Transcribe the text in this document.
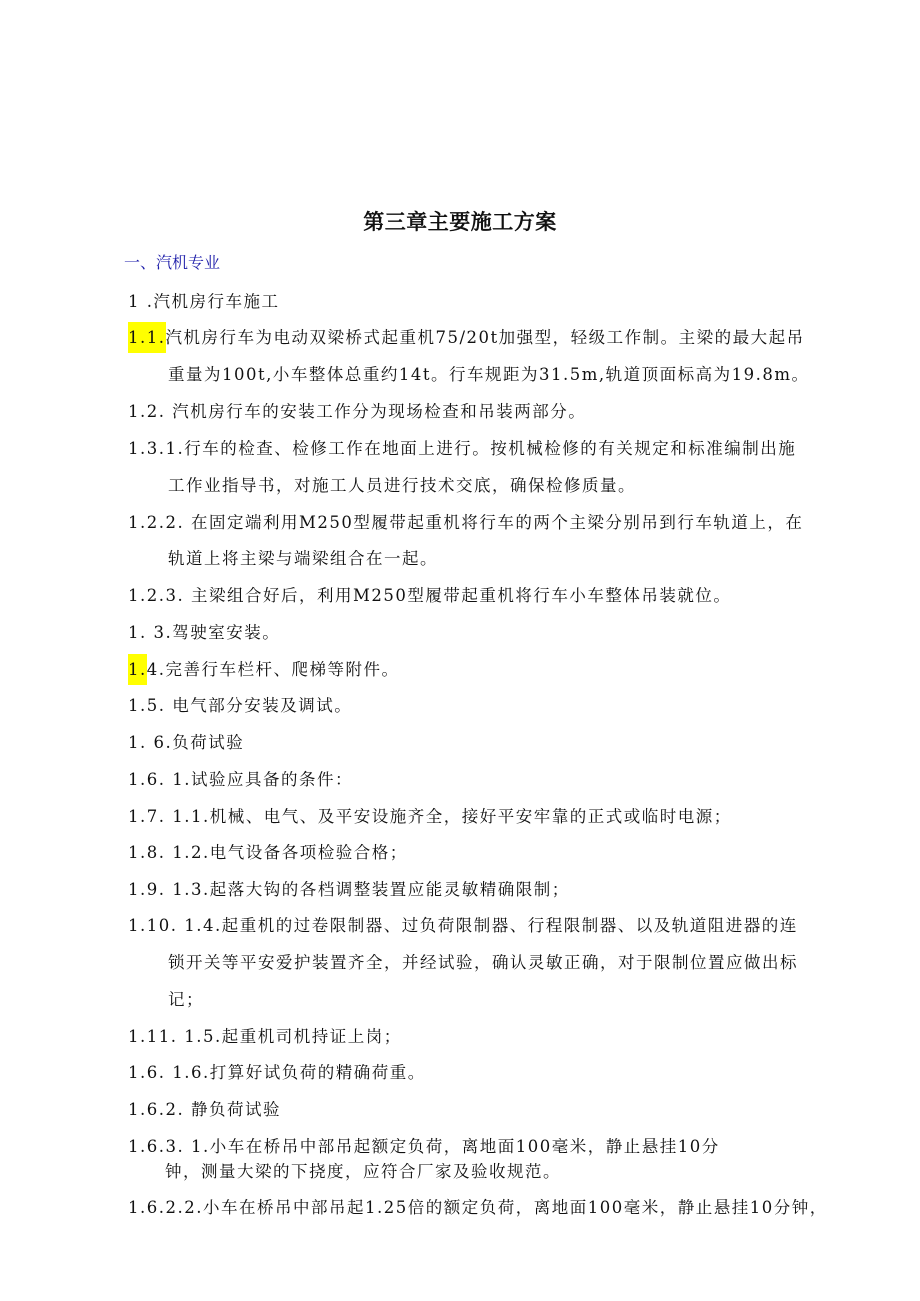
第三章主要施工方案
一、汽机专业
1 .汽机房行车施工
1.1.汽机房行车为电动双梁桥式起重机75/20t加强型，轻级工作制。主梁的最大起吊
重量为100t,小车整体总重约14t。行车规距为31.5m,轨道顶面标高为19.8m。
1.2. 汽机房行车的安装工作分为现场检查和吊装两部分。
1.3.1.行车的检查、检修工作在地面上进行。按机械检修的有关规定和标准编制出施
工作业指导书，对施工人员进行技术交底，确保检修质量。
1.2.2. 在固定端利用M250型履带起重机将行车的两个主梁分别吊到行车轨道上，在
轨道上将主梁与端梁组合在一起。
1.2.3. 主梁组合好后，利用M250型履带起重机将行车小车整体吊装就位。
1. 3.驾驶室安装。
1.4.完善行车栏杆、爬梯等附件。
1.5. 电气部分安装及调试。
1. 6.负荷试验
1.6. 1.试验应具备的条件：
1.7. 1.1.机械、电气、及平安设施齐全，接好平安牢靠的正式或临时电源；
1.8. 1.2.电气设备各项检验合格；
1.9. 1.3.起落大钩的各档调整装置应能灵敏精确限制；
1.10. 1.4.起重机的过卷限制器、过负荷限制器、行程限制器、以及轨道阻进器的连
锁开关等平安爱护装置齐全，并经试验，确认灵敏正确，对于限制位置应做出标
记；
1.11. 1.5.起重机司机持证上岗；
1.6. 1.6.打算好试负荷的精确荷重。
1.6.2. 静负荷试验
1.6.3. 1.小车在桥吊中部吊起额定负荷，离地面100毫米，静止悬挂10分
钟，测量大梁的下挠度，应符合厂家及验收规范。
1.6.2.2.小车在桥吊中部吊起1.25倍的额定负荷，离地面100毫米，静止悬挂10分钟，
